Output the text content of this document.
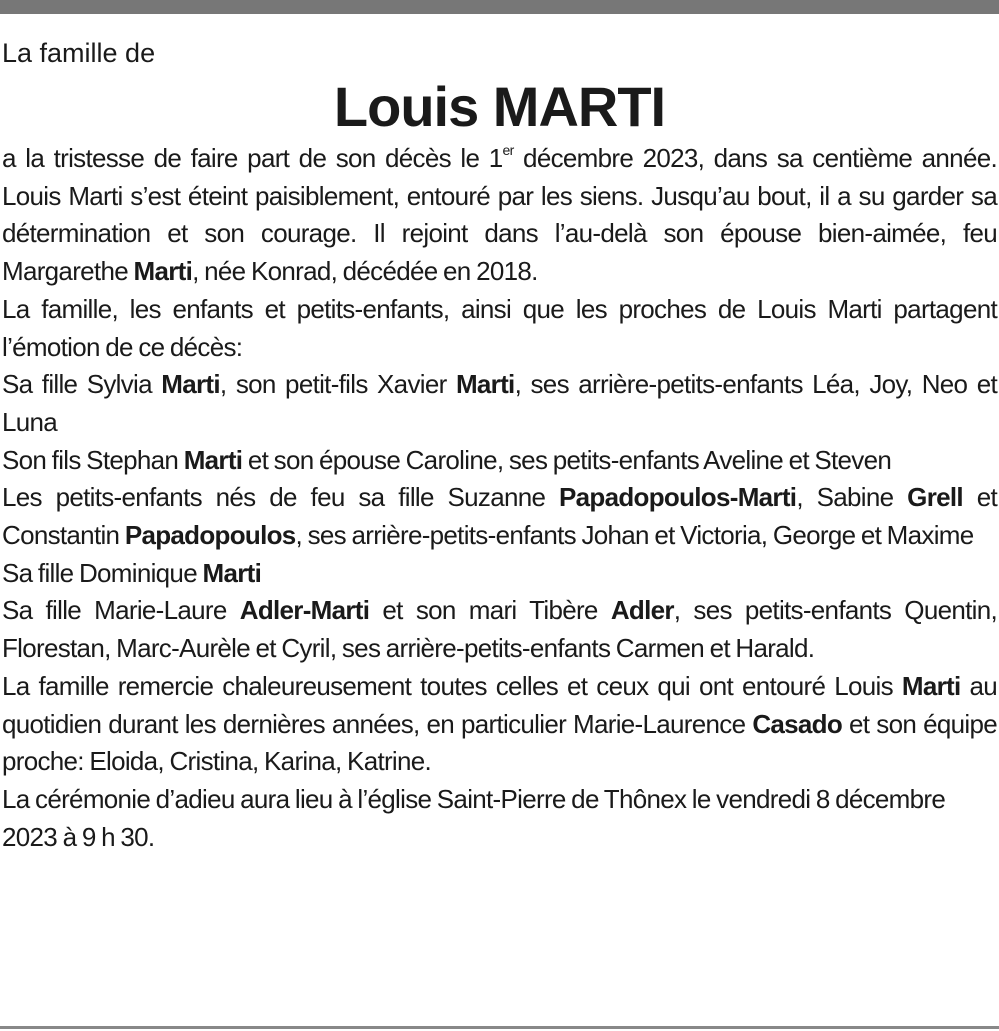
La famille de

Louis MARTI

a la tristesse de faire part de son décès le 1er décembre 2023, dans sa centième année. Louis Marti s’est éteint paisiblement, entouré par les siens. Jusqu’au bout, il a su garder sa détermination et son courage. Il rejoint dans l’au-delà son épouse bien-aimée, feu Margarethe Marti, née Konrad, décédée en 2018.

La famille, les enfants et petits-enfants, ainsi que les proches de Louis Marti partagent l’émotion de ce décès:

Sa fille Sylvia Marti, son petit-fils Xavier Marti, ses arrière-petits-enfants Léa, Joy, Neo et Luna

Son fils Stephan Marti et son épouse Caroline, ses petits-enfants Aveline et Steven

Les petits-enfants nés de feu sa fille Suzanne Papadopoulos-Marti, Sabine Grell et Constantin Papadopoulos, ses arrière-petits-enfants Johan et Victoria, George et Maxime

Sa fille Dominique Marti

Sa fille Marie-Laure Adler-Marti et son mari Tibère Adler, ses petits-enfants Quentin, Florestan, Marc-Aurèle et Cyril, ses arrière-petits-enfants Carmen et Harald.

La famille remercie chaleureusement toutes celles et ceux qui ont entouré Louis Marti au quotidien durant les dernières années, en particulier Marie-Laurence Casado et son équipe proche: Eloida, Cristina, Karina, Katrine.

La cérémonie d’adieu aura lieu à l’église Saint-Pierre de Thônex le vendredi 8 décembre 2023 à 9 h 30.
